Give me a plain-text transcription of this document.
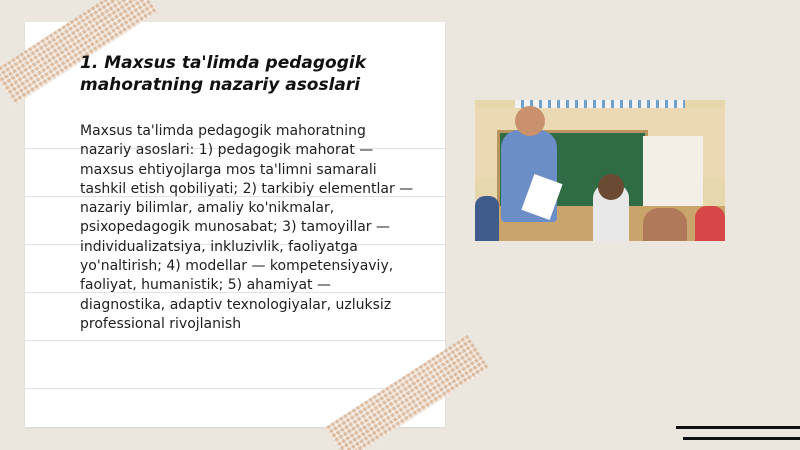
1. Maxsus ta'limda pedagogik mahoratning nazariy asoslari

Maxsus ta'limda pedagogik mahoratning nazariy asoslari: 1) pedagogik mahorat — maxsus ehtiyojlarga mos ta'limni samarali tashkil etish qobiliyati; 2) tarkibiy elementlar — nazariy bilimlar, amaliy ko'nikmalar, psixopedagogik munosabat; 3) tamoyillar — individualizatsiya, inkluzivlik, faoliyatga yo'naltirish; 4) modellar — kompetensiyaviy, faoliyat, humanistik; 5) ahamiyat — diagnostika, adaptiv texnologiyalar, uzluksiz professional rivojlanish
